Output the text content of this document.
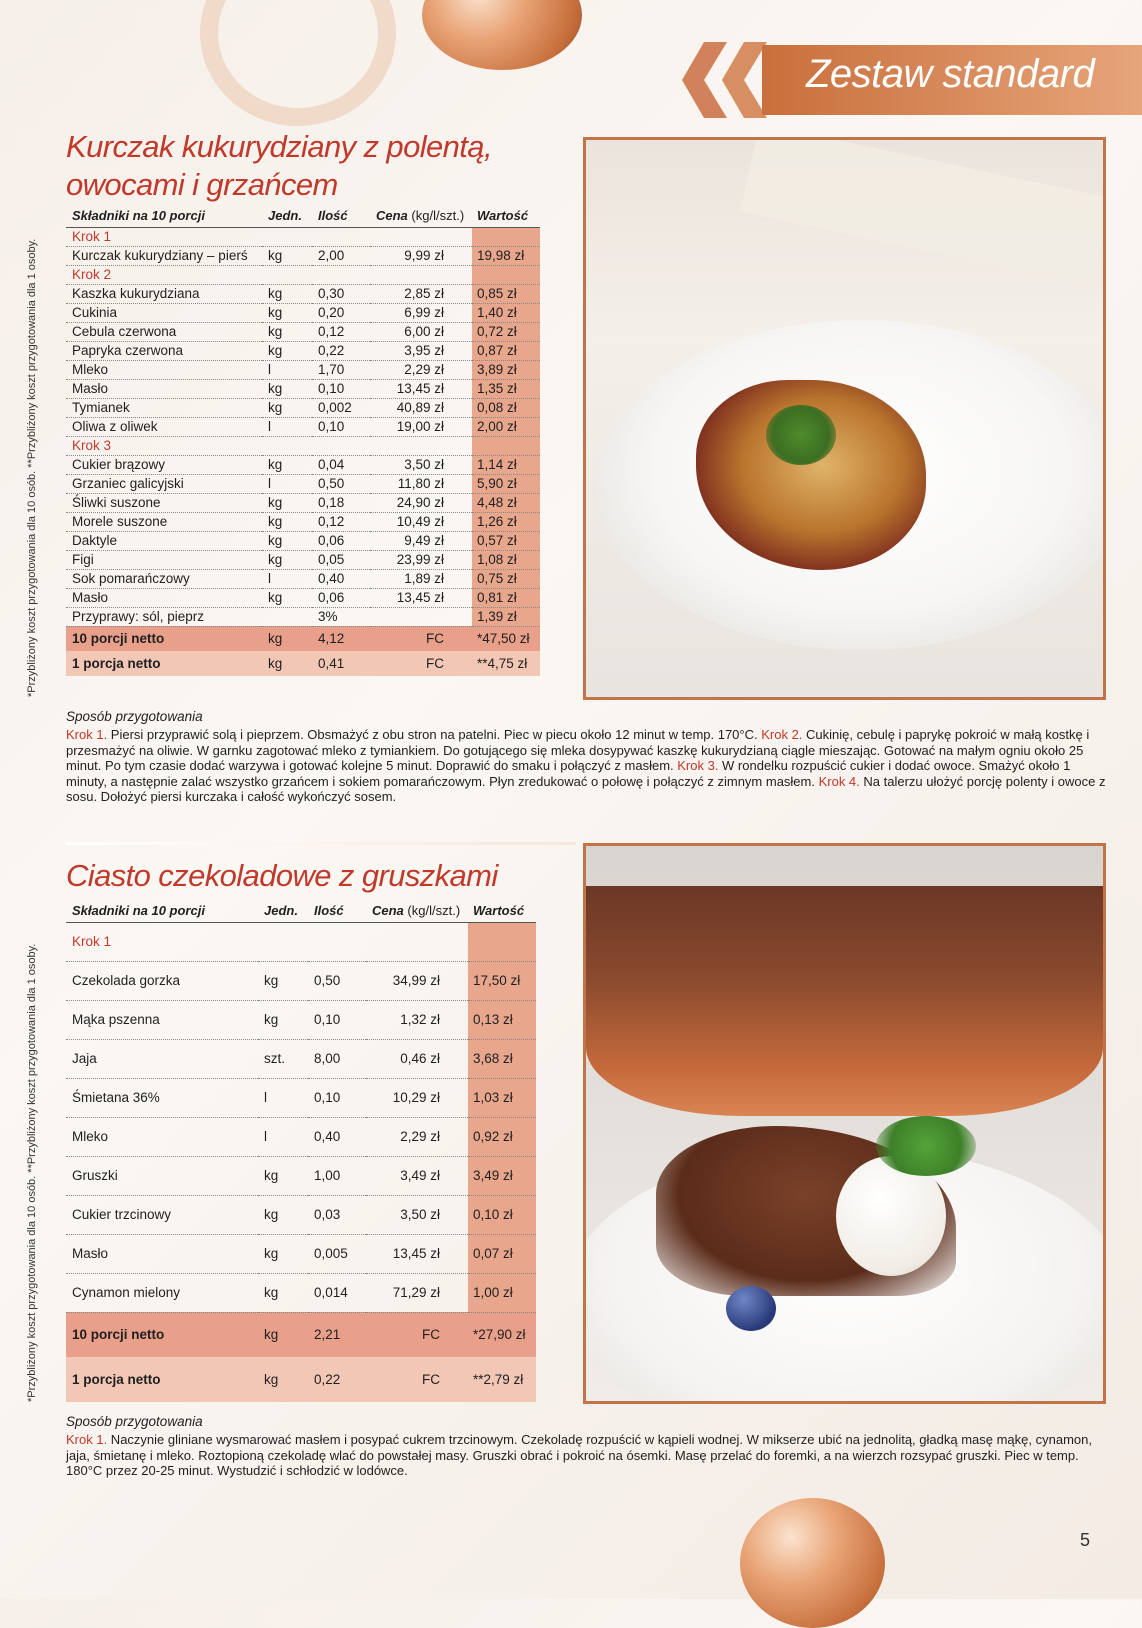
Zestaw standard
*Przybliżony koszt przygotowania dla 10 osób. **Przybliżony koszt przygotowania dla 1 osoby.
Kurczak kukurydziany z polentą,
owocami i grzańcem
Składniki na 10 porcji	Jedn.	Ilość	Cena (kg/l/szt.)	Wartość
Krok 1				
Kurczak kukurydziany – pierś	kg	2,00	9,99 zł	19,98 zł
Krok 2				
Kaszka kukurydziana	kg	0,30	2,85 zł	0,85 zł
Cukinia	kg	0,20	6,99 zł	1,40 zł
Cebula czerwona	kg	0,12	6,00 zł	0,72 zł
Papryka czerwona	kg	0,22	3,95 zł	0,87 zł
Mleko	l	1,70	2,29 zł	3,89 zł
Masło	kg	0,10	13,45 zł	1,35 zł
Tymianek	kg	0,002	40,89 zł	0,08 zł
Oliwa z oliwek	l	0,10	19,00 zł	2,00 zł
Krok 3				
Cukier brązowy	kg	0,04	3,50 zł	1,14 zł
Grzaniec galicyjski	l	0,50	11,80 zł	5,90 zł
Śliwki suszone	kg	0,18	24,90 zł	4,48 zł
Morele suszone	kg	0,12	10,49 zł	1,26 zł
Daktyle	kg	0,06	9,49 zł	0,57 zł
Figi	kg	0,05	23,99 zł	1,08 zł
Sok pomarańczowy	l	0,40	1,89 zł	0,75 zł
Masło	kg	0,06	13,45 zł	0,81 zł
Przyprawy: sól, pieprz		3%		1,39 zł
10 porcji netto	kg	4,12	FC	*47,50 zł
1 porcja netto	kg	0,41	FC	**4,75 zł
Sposób przygotowania
Krok 1. Piersi przyprawić solą i pieprzem. Obsmażyć z obu stron na patelni. Piec w piecu około 12 minut w temp. 170°C. Krok 2. Cukinię, cebulę i paprykę pokroić w małą kostkę i przesmażyć na oliwie. W garnku zagotować mleko z tymiankiem. Do gotującego się mleka dosypywać kaszkę kukurydzianą ciągle mieszając. Gotować na małym ogniu około 25 minut. Po tym czasie dodać warzywa i gotować kolejne 5 minut. Doprawić do smaku i połączyć z masłem. Krok 3. W rondelku rozpuścić cukier i dodać owoce. Smażyć około 1 minuty, a następnie zalać wszystko grzańcem i sokiem pomarańczowym. Płyn zredukować o połowę i połączyć z zimnym masłem. Krok 4. Na talerzu ułożyć porcję polenty i owoce z sosu. Dołożyć piersi kurczaka i całość wykończyć sosem.
*Przybliżony koszt przygotowania dla 10 osób. **Przybliżony koszt przygotowania dla 1 osoby.
Ciasto czekoladowe z gruszkami
Składniki na 10 porcji	Jedn.	Ilość	Cena (kg/l/szt.)	Wartość
Krok 1				
Czekolada gorzka	kg	0,50	34,99 zł	17,50 zł
Mąka pszenna	kg	0,10	1,32 zł	0,13 zł
Jaja	szt.	8,00	0,46 zł	3,68 zł
Śmietana 36%	l	0,10	10,29 zł	1,03 zł
Mleko	l	0,40	2,29 zł	0,92 zł
Gruszki	kg	1,00	3,49 zł	3,49 zł
Cukier trzcinowy	kg	0,03	3,50 zł	0,10 zł
Masło	kg	0,005	13,45 zł	0,07 zł
Cynamon mielony	kg	0,014	71,29 zł	1,00 zł
10 porcji netto	kg	2,21	FC	*27,90 zł
1 porcja netto	kg	0,22	FC	**2,79 zł
Sposób przygotowania
Krok 1. Naczynie gliniane wysmarować masłem i posypać cukrem trzcinowym. Czekoladę rozpuścić w kąpieli wodnej. W mikserze ubić na jednolitą, gładką masę mąkę, cynamon, jaja, śmietanę i mleko. Roztopioną czekoladę wlać do powstałej masy. Gruszki obrać i pokroić na ósemki. Masę przelać do foremki, a na wierzch rozsypać gruszki. Piec w temp. 180°C przez 20-25 minut. Wystudzić i schłodzić w lodówce.
5
